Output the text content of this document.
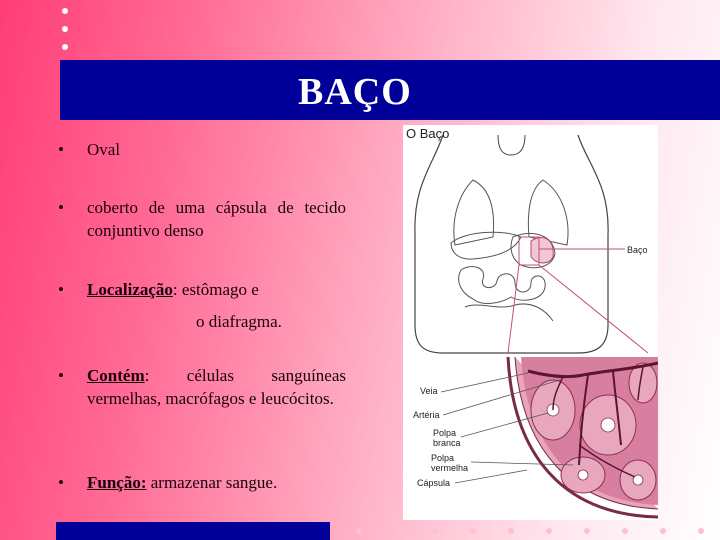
BAÇO
• Oval
• coberto de uma cápsula de tecido conjuntivo denso
• Localização: estômago e
o diafragma.
• Contém: células sanguíneas vermelhas, macrófagos e leucócitos.
• Função: armazenar sangue.
O Baço
Baço
Veia
Artéria
Polpa
branca
Polpa
vermelha
Cápsula
